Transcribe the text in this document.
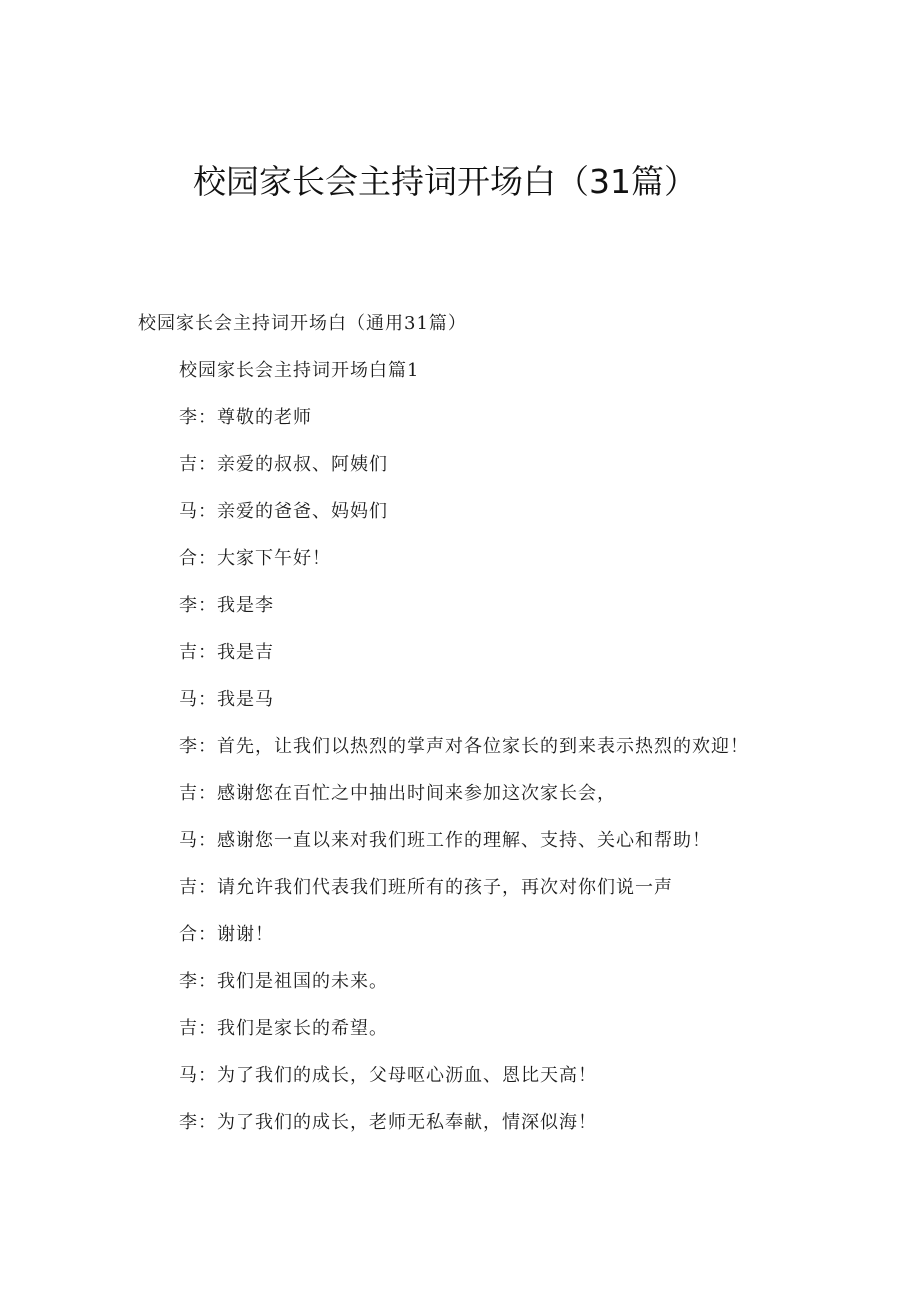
校园家长会主持词开场白（31篇）

校园家长会主持词开场白（通用31篇）

校园家长会主持词开场白篇1
李：尊敬的老师
吉：亲爱的叔叔、阿姨们
马：亲爱的爸爸、妈妈们
合：大家下午好！
李：我是李
吉：我是吉
马：我是马
李：首先，让我们以热烈的掌声对各位家长的到来表示热烈的欢迎！
吉：感谢您在百忙之中抽出时间来参加这次家长会，
马：感谢您一直以来对我们班工作的理解、支持、关心和帮助！
吉：请允许我们代表我们班所有的孩子，再次对你们说一声
合：谢谢！
李：我们是祖国的未来。
吉：我们是家长的希望。
马：为了我们的成长，父母呕心沥血、恩比天高！
李：为了我们的成长，老师无私奉献，情深似海！
